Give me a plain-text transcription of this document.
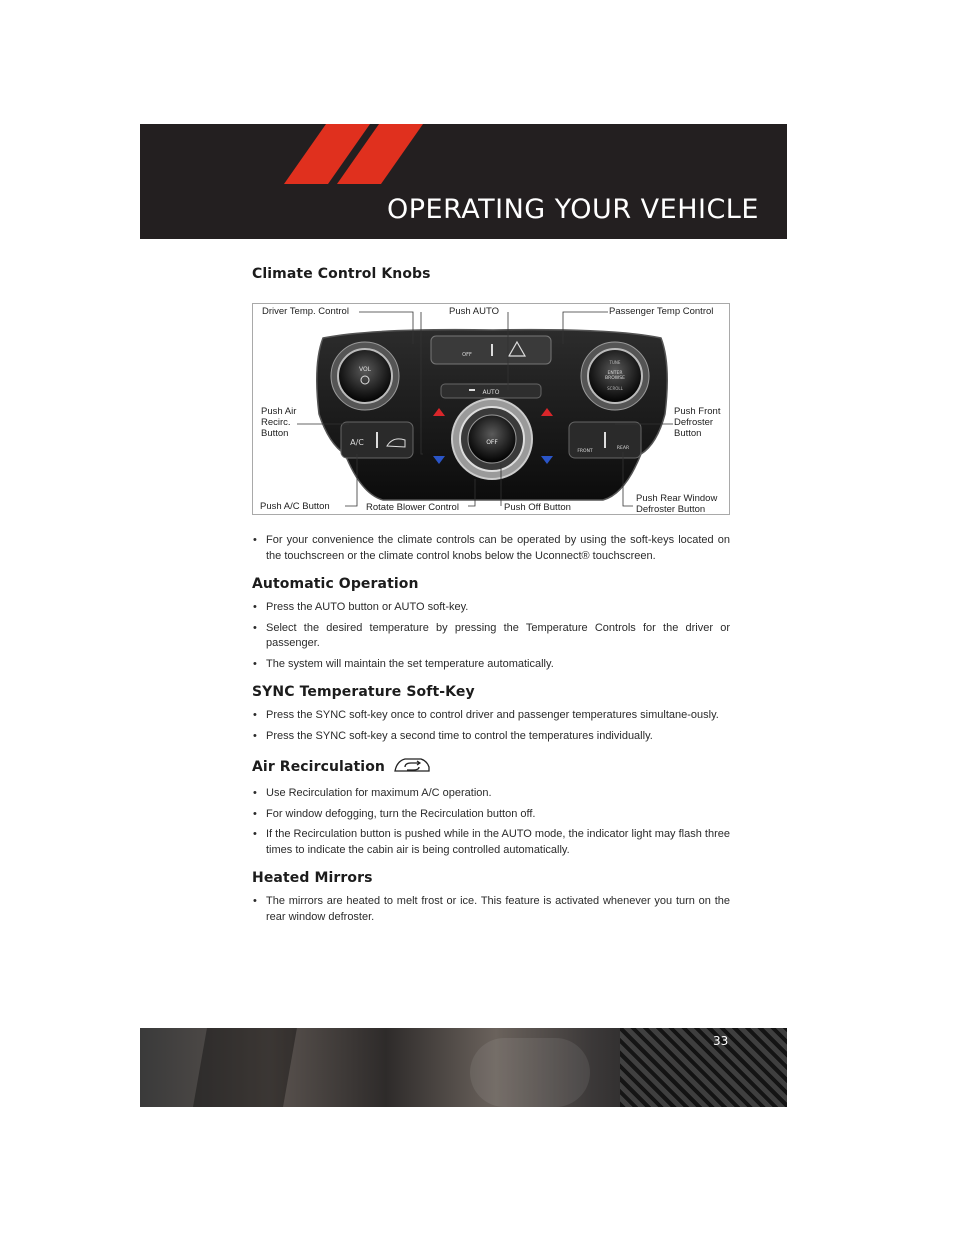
OPERATING YOUR VEHICLE
Climate Control Knobs
OFF
VOL
TUNE
ENTER
BROWSE
SCROLL
AUTO
OFF
A/C
FRONT
REAR
Driver Temp. Control	Push AUTO	Passenger Temp Control
Push Air
Recirc.
Button
Push Front
Defroster
Button
Push A/C Button	Rotate Blower Control	Push Off Button
Push Rear Window
Defroster Button
• For your convenience the climate controls can be operated by using the soft-keys located on the touchscreen or the climate control knobs below the Uconnect® touchscreen.
Automatic Operation
• Press the AUTO button or AUTO soft-key.
• Select the desired temperature by pressing the Temperature Controls for the driver or passenger.
• The system will maintain the set temperature automatically.
SYNC Temperature Soft-Key
• Press the SYNC soft-key once to control driver and passenger temperatures simultane-ously.
• Press the SYNC soft-key a second time to control the temperatures individually.
Air Recirculation
• Use Recirculation for maximum A/C operation.
• For window defogging, turn the Recirculation button off.
• If the Recirculation button is pushed while in the AUTO mode, the indicator light may flash three times to indicate the cabin air is being controlled automatically.
Heated Mirrors
• The mirrors are heated to melt frost or ice. This feature is activated whenever you turn on the rear window defroster.
33
